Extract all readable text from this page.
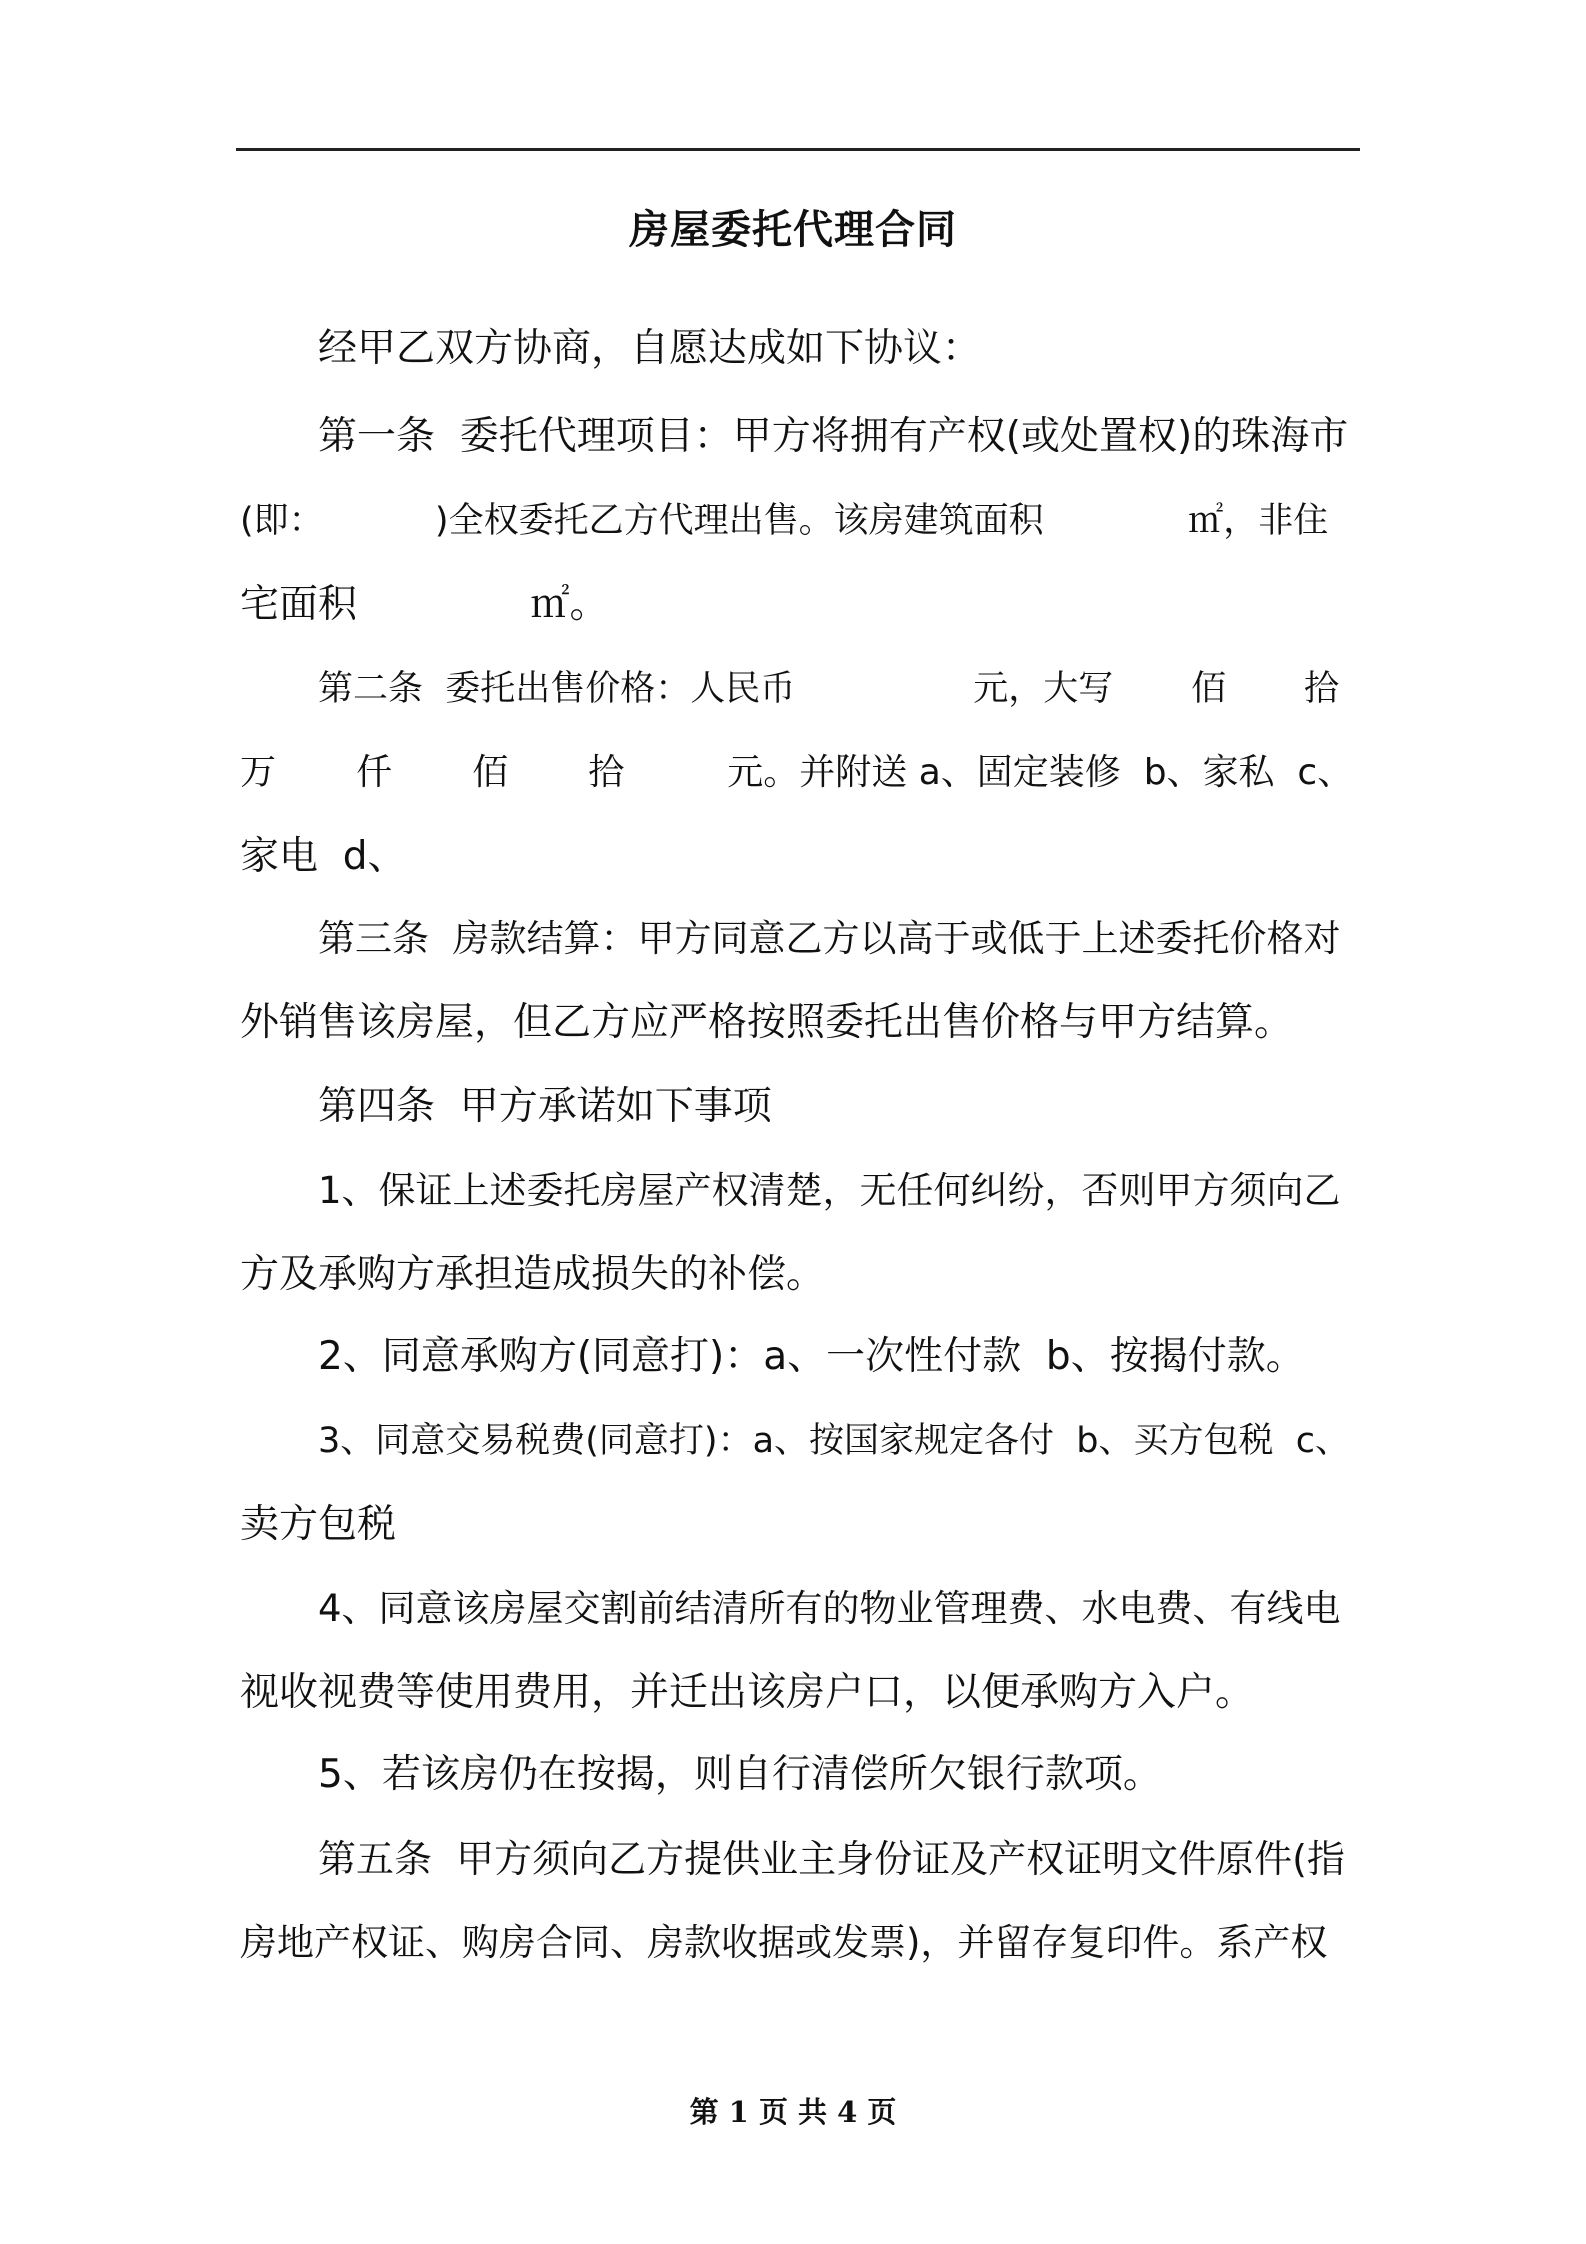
房屋委托代理合同
经甲乙双方协商，自愿达成如下协议：
第一条  委托代理项目：甲方将拥有产权(或处置权)的珠海市
(即：          )全权委托乙方代理出售。该房建筑面积             ㎡，非住
宅面积              ㎡。
第二条  委托出售价格：人民币                元，大写       佰       拾
万       仟       佰       拾         元。并附送 a、固定装修  b、家私  c、
家电  d、
第三条  房款结算：甲方同意乙方以高于或低于上述委托价格对
外销售该房屋，但乙方应严格按照委托出售价格与甲方结算。
第四条  甲方承诺如下事项
1、保证上述委托房屋产权清楚，无任何纠纷，否则甲方须向乙
方及承购方承担造成损失的补偿。
2、同意承购方(同意打)：a、一次性付款  b、按揭付款。
3、同意交易税费(同意打)：a、按国家规定各付  b、买方包税  c、
卖方包税
4、同意该房屋交割前结清所有的物业管理费、水电费、有线电
视收视费等使用费用，并迁出该房户口，以便承购方入户。
5、若该房仍在按揭，则自行清偿所欠银行款项。
第五条  甲方须向乙方提供业主身份证及产权证明文件原件(指
房地产权证、购房合同、房款收据或发票)，并留存复印件。系产权
第 1 页 共 4 页
